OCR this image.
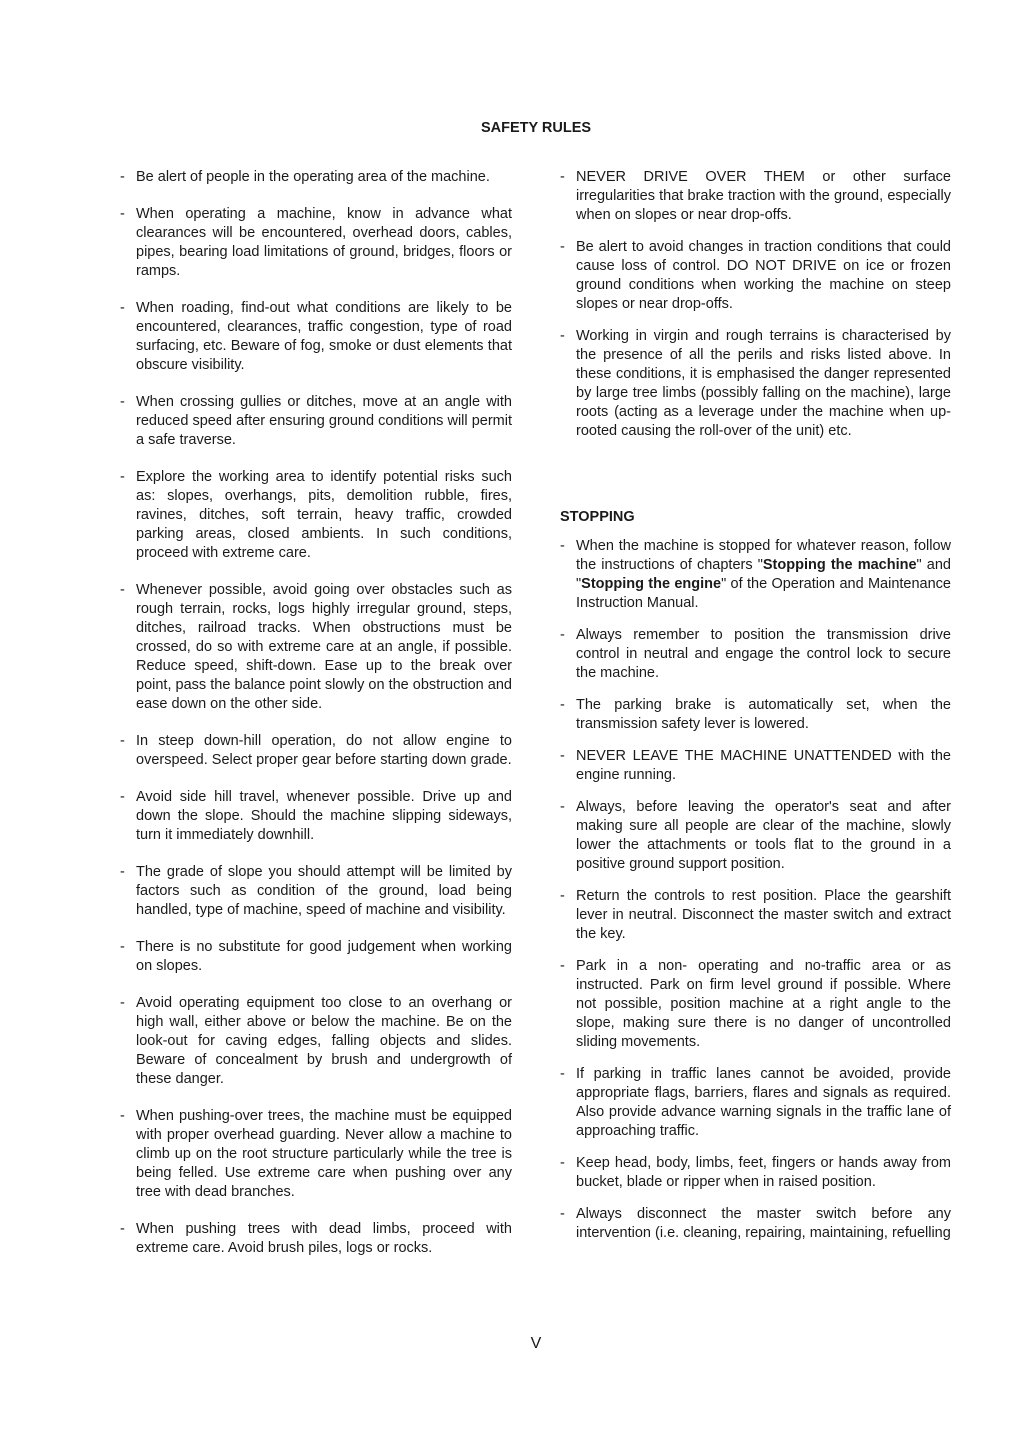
SAFETY RULES

- Be alert of people in the operating area of the machine.

- When operating a machine, know in advance what clearances will be encountered, overhead doors, cables, pipes, bearing load limitations of ground, bridges, floors or ramps.

- When roading, find-out what conditions are likely to be encountered, clearances, traffic congestion, type of road surfacing, etc. Beware of fog, smoke or dust elements that obscure visibility.

- When crossing gullies or ditches, move at an angle with reduced speed after ensuring ground conditions will permit a safe traverse.

- Explore the working area to identify potential risks such as: slopes, overhangs, pits, demolition rubble, fires, ravines, ditches, soft terrain, heavy traffic, crowded parking areas, closed ambients. In such conditions, proceed with extreme care.

- Whenever possible, avoid going over obstacles such as rough terrain, rocks, logs highly irregular ground, steps, ditches, railroad tracks. When obstructions must be crossed, do so with extreme care at an angle, if possible. Reduce speed, shift-down. Ease up to the break over point, pass the balance point slowly on the obstruction and ease down on the other side.

- In steep down-hill operation, do not allow engine to overspeed. Select proper gear before starting down grade.

- Avoid side hill travel, whenever possible. Drive up and down the slope. Should the machine slipping sideways, turn it immediately downhill.

- The grade of slope you should attempt will be limited by factors such as condition of the ground, load being handled, type of machine, speed of machine and visibility.

- There is no substitute for good judgement when working on slopes.

- Avoid operating equipment too close to an overhang or high wall, either above or below the machine. Be on the look-out for caving edges, falling objects and slides. Beware of concealment by brush and undergrowth of these danger.

- When pushing-over trees, the machine must be equipped with proper overhead guarding. Never allow a machine to climb up on the root structure particularly while the tree is being felled. Use extreme care when pushing over any tree with dead branches.

- When pushing trees with dead limbs, proceed with extreme care. Avoid brush piles, logs or rocks.

- NEVER DRIVE OVER THEM or other surface irregularities that brake traction with the ground, especially when on slopes or near drop-offs.

- Be alert to avoid changes in traction conditions that could cause loss of control. DO NOT DRIVE on ice or frozen ground conditions when working the machine on steep slopes or near drop-offs.

- Working in virgin and rough terrains is characterised by the presence of all the perils and risks listed above. In these conditions, it is emphasised the danger represented by large tree limbs (possibly falling on the machine), large roots (acting as a leverage under the machine when up-rooted causing the roll-over of the unit) etc.

STOPPING

- When the machine is stopped for whatever reason, follow the instructions of chapters "Stopping the machine" and "Stopping the engine" of the Operation and Maintenance Instruction Manual.

- Always remember to position the transmission drive control in neutral and engage the control lock to secure the machine.

- The parking brake is automatically set, when the transmission safety lever is lowered.

- NEVER LEAVE THE MACHINE UNATTENDED with the engine running.

- Always, before leaving the operator's seat and after making sure all people are clear of the machine, slowly lower the attachments or tools flat to the ground in a positive ground support position.

- Return the controls to rest position. Place the gearshift lever in neutral. Disconnect the master switch and extract the key.

- Park in a non- operating and no-traffic area or as instructed. Park on firm level ground if possible. Where not possible, position machine at a right angle to the slope, making sure there is no danger of uncontrolled sliding movements.

- If parking in traffic lanes cannot be avoided, provide appropriate flags, barriers, flares and signals as required. Also provide advance warning signals in the traffic lane of approaching traffic.

- Keep head, body, limbs, feet, fingers or hands away from bucket, blade or ripper when in raised position.

- Always disconnect the master switch before any intervention (i.e. cleaning, repairing, maintaining, refuelling

V
